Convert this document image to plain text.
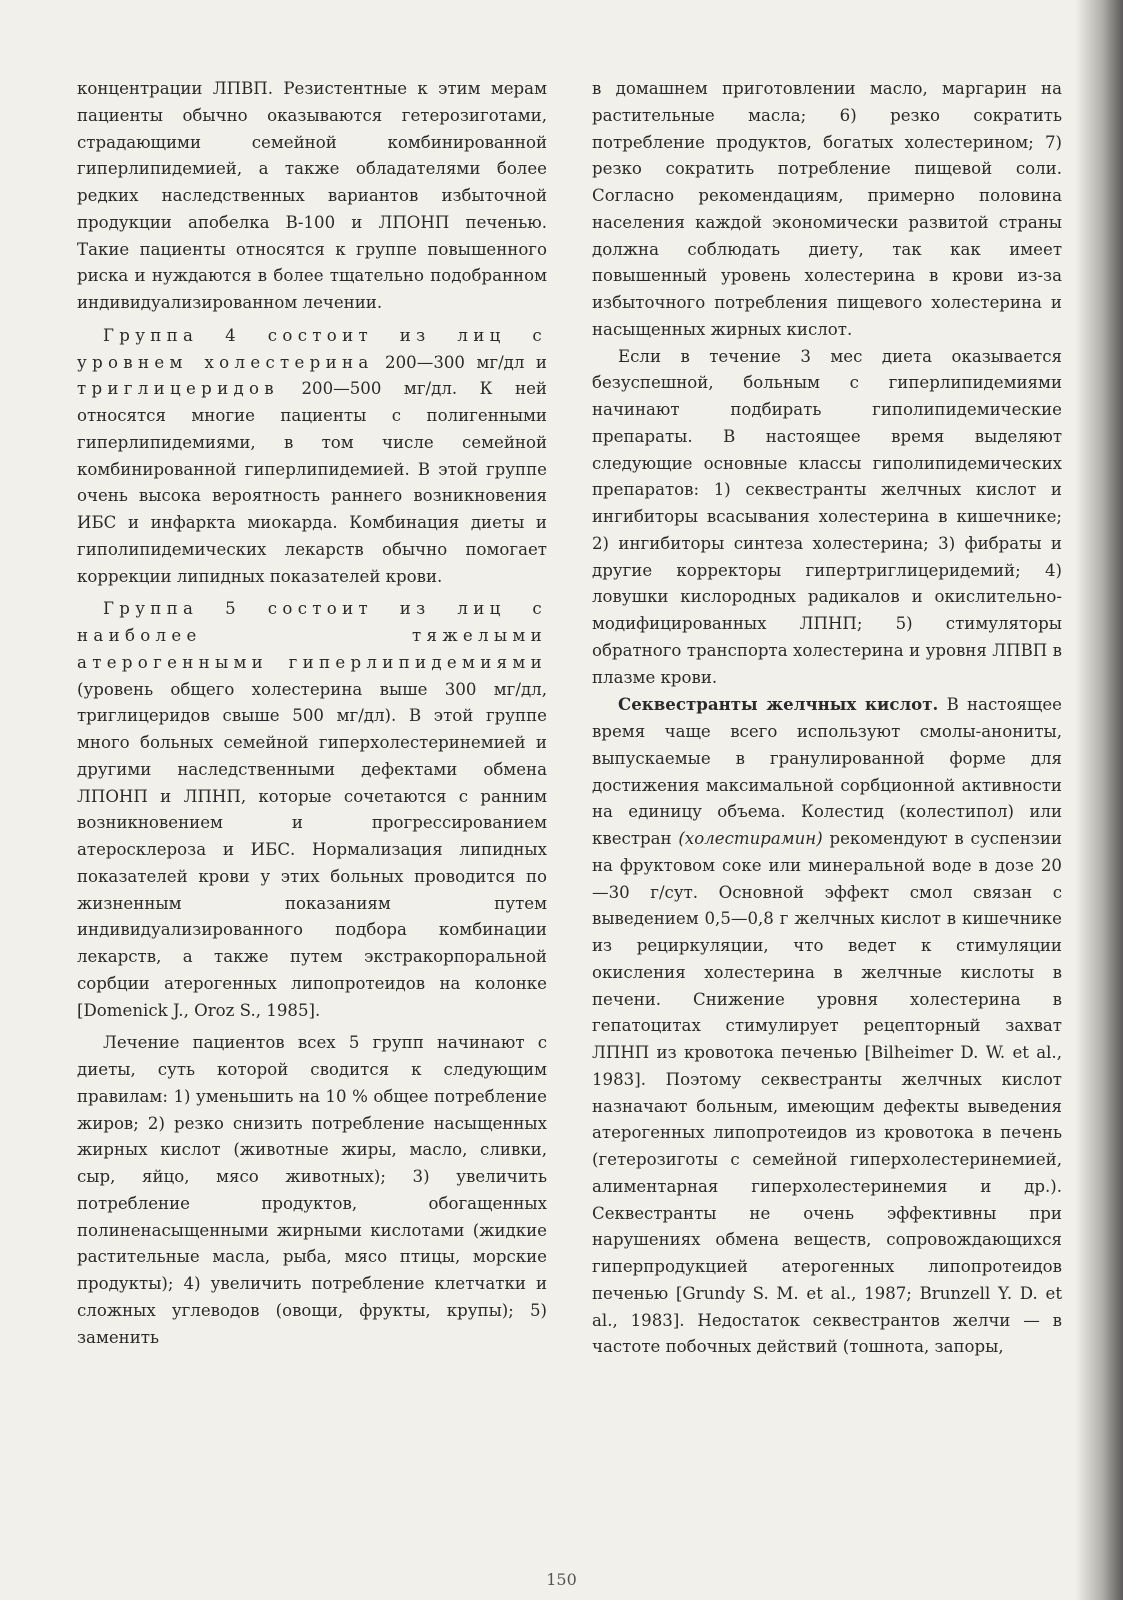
концентрации ЛПВП. Резистентные к этим мерам пациенты обычно оказываются гетерозиготами, страдающими семейной комбинированной гиперлипидемией, а также обладателями более редких наследственных вариантов избыточной продукции апобелка В-100 и ЛПОНП печенью. Такие пациенты относятся к группе повышенного риска и нуждаются в более тщательно подобранном индивидуализированном лечении.

Группа 4 состоит из лиц с уровнем холестерина 200—300 мг/дл и триглицеридов 200—500 мг/дл. К ней относятся многие пациенты с полигенными гиперлипидемиями, в том числе семейной комбинированной гиперлипидемией. В этой группе очень высока вероятность раннего возникновения ИБС и инфаркта миокарда. Комбинация диеты и гиполипидемических лекарств обычно помогает коррекции липидных показателей крови.

Группа 5 состоит из лиц с наиболее тяжелыми атерогенными гиперлипидемиями (уровень общего холестерина выше 300 мг/дл, триглицеридов свыше 500 мг/дл). В этой группе много больных семейной гиперхолестеринемией и другими наследственными дефектами обмена ЛПОНП и ЛПНП, которые сочетаются с ранним возникновением и прогрессированием атеросклероза и ИБС. Нормализация липидных показателей крови у этих больных проводится по жизненным показаниям путем индивидуализированного подбора комбинации лекарств, а также путем экстракорпоральной сорбции атерогенных липопротеидов на колонке [Domenick J., Oroz S., 1985].

Лечение пациентов всех 5 групп начинают с диеты, суть которой сводится к следующим правилам: 1) уменьшить на 10 % общее потребление жиров; 2) резко снизить потребление насыщенных жирных кислот (животные жиры, масло, сливки, сыр, яйцо, мясо животных); 3) увеличить потребление продуктов, обогащенных полиненасыщенными жирными кислотами (жидкие растительные масла, рыба, мясо птицы, морские продукты); 4) увеличить потребление клетчатки и сложных углеводов (овощи, фрукты, крупы); 5) заменить

в домашнем приготовлении масло, маргарин на растительные масла; 6) резко сократить потребление продуктов, богатых холестерином; 7) резко сократить потребление пищевой соли. Согласно рекомендациям, примерно половина населения каждой экономически развитой страны должна соблюдать диету, так как имеет повышенный уровень холестерина в крови из-за избыточного потребления пищевого холестерина и насыщенных жирных кислот.

Если в течение 3 мес диета оказывается безуспешной, больным с гиперлипидемиями начинают подбирать гиполипидемические препараты. В настоящее время выделяют следующие основные классы гиполипидемических препаратов: 1) секвестранты желчных кислот и ингибиторы всасывания холестерина в кишечнике; 2) ингибиторы синтеза холестерина; 3) фибраты и другие корректоры гипертриглицеридемий; 4) ловушки кислородных радикалов и окислительно-модифицированных ЛПНП; 5) стимуляторы обратного транспорта холестерина и уровня ЛПВП в плазме крови.

Секвестранты желчных кислот. В настоящее время чаще всего используют смолы-анониты, выпускаемые в гранулированной форме для достижения максимальной сорбционной активности на единицу объема. Колестид (колестипол) или квестран (холестирамин) рекомендуют в суспензии на фруктовом соке или минеральной воде в дозе 20—30 г/сут. Основной эффект смол связан с выведением 0,5—0,8 г желчных кислот в кишечнике из рециркуляции, что ведет к стимуляции окисления холестерина в желчные кислоты в печени. Снижение уровня холестерина в гепатоцитах стимулирует рецепторный захват ЛПНП из кровотока печенью [Bilheimer D. W. et al., 1983]. Поэтому секвестранты желчных кислот назначают больным, имеющим дефекты выведения атерогенных липопротеидов из кровотока в печень (гетерозиготы с семейной гиперхолестеринемией, алиментарная гиперхолестеринемия и др.). Секвестранты не очень эффективны при нарушениях обмена веществ, сопровождающихся гиперпродукцией атерогенных липопротеидов печенью [Grundy S. M. et al., 1987; Brunzell Y. D. et al., 1983]. Недостаток секвестрантов желчи — в частоте побочных действий (тошнота, запоры,

150
